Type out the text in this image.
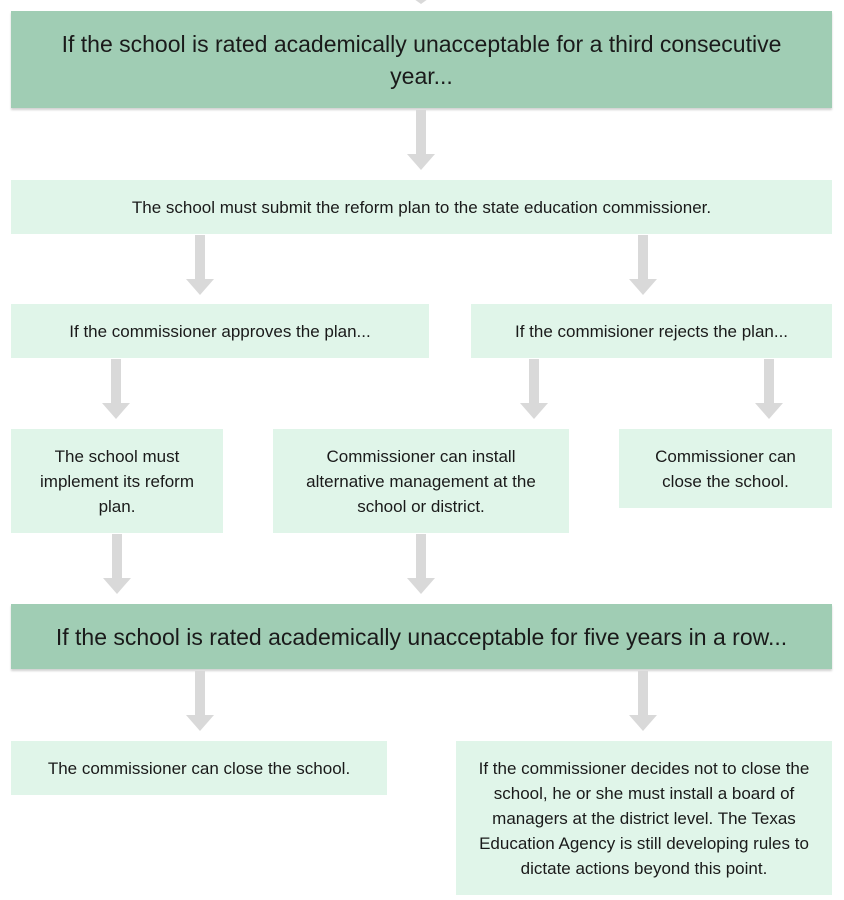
If the school is rated academically unacceptable for a third consecutive year...
The school must submit the reform plan to the state education commissioner.
If the commissioner approves the plan...	If the commisioner rejects the plan...
The school must implement its reform plan.
Commissioner can install alternative management at the school or district.
Commissioner can close the school.
If the school is rated academically unacceptable for five years in a row...
The commissioner can close the school.	If the commissioner decides not to close the school, he or she must install a board of managers at the district level. The Texas Education Agency is still developing rules to dictate actions beyond this point.
